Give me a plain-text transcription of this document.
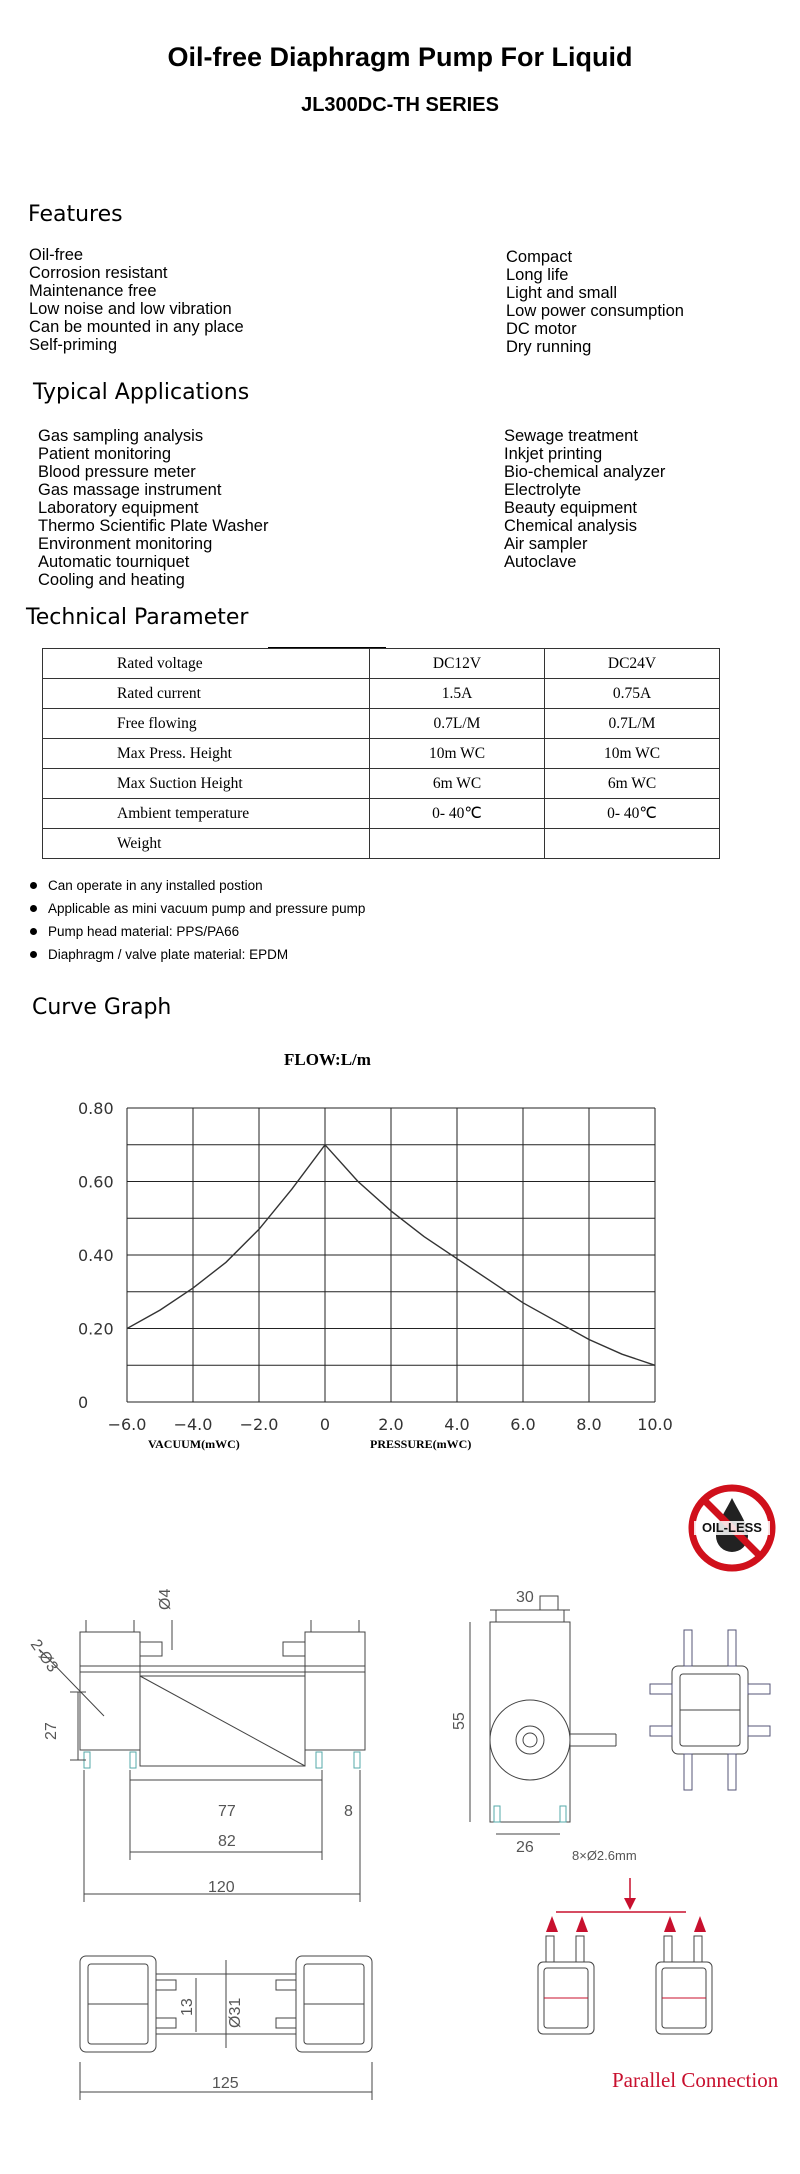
Oil-free Diaphragm Pump For Liquid
JL300DC-TH SERIES
Features
Oil-free
Corrosion resistant
Maintenance free
Low noise and low vibration
Can be mounted in any place
Self-priming
Compact
Long life
Light and small
Low power consumption
DC motor
Dry running
Typical Applications
Gas sampling analysis
Patient monitoring
Blood pressure meter
Gas massage instrument
Laboratory equipment
Thermo Scientific Plate Washer
Environment monitoring
Automatic tourniquet
Cooling and heating
Sewage treatment
Inkjet printing
Bio-chemical analyzer
Electrolyte
Beauty equipment
Chemical analysis
Air sampler
Autoclave
Technical Parameter
Rated voltage	DC12V	DC24V
Rated current	1.5A	0.75A
Free flowing	0.7L/M	0.7L/M
Max Press. Height	10m WC	10m WC
Max Suction Height	6m WC	6m WC
Ambient temperature	0- 40℃	0- 40℃
Weight		
Can operate in any installed postion
Applicable as mini vacuum pump and pressure pump
Pump head material: PPS/PA66
Diaphragm / valve plate material: EPDM
Curve Graph
FLOW:L/m
−6.0 −4.0 −2.0	0	2.0	4.0	6.0	8.0 10.0
0
0.20
0.40
0.60
0.80
VACUUM(mWC)	PRESSURE(mWC)
OIL-LESS
Ø4
2-Ø3
27
77	8
82
120
30
55
26	8×Ø2.6mm
13 Ø31
125	Parallel Connection
